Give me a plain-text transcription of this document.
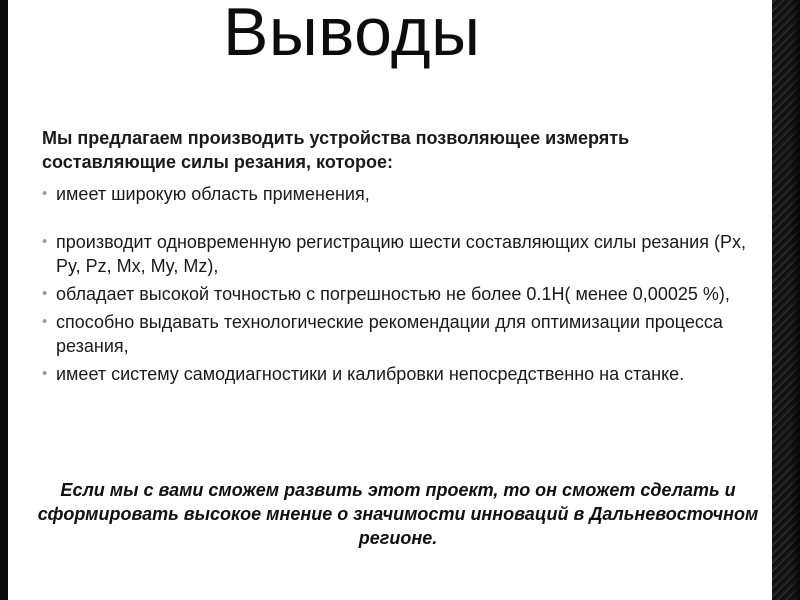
Выводы

Мы предлагаем производить устройства позволяющее измерять составляющие силы резания, которое:

• имеет широкую область применения,
• производит одновременную регистрацию шести составляющих силы резания (Px, Py, Pz, Mx, My, Mz),
• обладает высокой точностью с погрешностью не более 0.1Н( менее 0,00025 %),
• способно выдавать технологические рекомендации для оптимизации процесса резания,
• имеет систему самодиагностики и калибровки непосредственно на станке.

Если мы с вами сможем развить этот проект, то он сможет сделать и сформировать высокое мнение о значимости инноваций в Дальневосточном регионе.
